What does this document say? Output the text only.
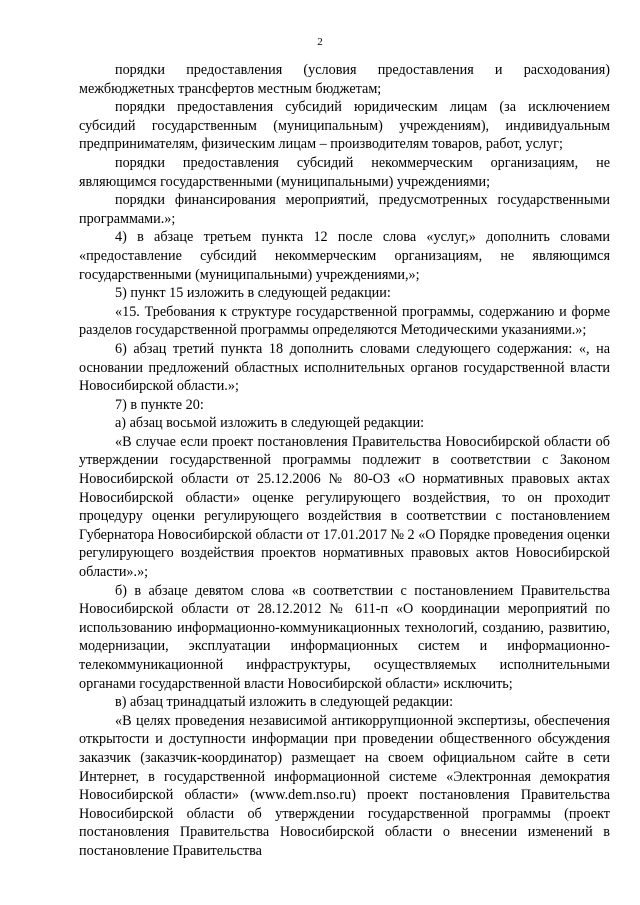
2

порядки предоставления (условия предоставления и расходования) межбюджетных трансфертов местным бюджетам;

порядки предоставления субсидий юридическим лицам (за исключением субсидий государственным (муниципальным) учреждениям), индивидуальным предпринимателям, физическим лицам – производителям товаров, работ, услуг;

порядки предоставления субсидий некоммерческим организациям, не являющимся государственными (муниципальными) учреждениями;

порядки финансирования мероприятий, предусмотренных государственными программами.»;

4) в абзаце третьем пункта 12 после слова «услуг,» дополнить словами «предоставление субсидий некоммерческим организациям, не являющимся государственными (муниципальными) учреждениями,»;

5) пункт 15 изложить в следующей редакции:

«15. Требования к структуре государственной программы, содержанию и форме разделов государственной программы определяются Методическими указаниями.»;

6) абзац третий пункта 18 дополнить словами следующего содержания: «, на основании предложений областных исполнительных органов государственной власти Новосибирской области.»;

7) в пункте 20:

а) абзац восьмой изложить в следующей редакции:

«В случае если проект постановления Правительства Новосибирской области об утверждении государственной программы подлежит в соответствии с Законом Новосибирской области от 25.12.2006 № 80-ОЗ «О нормативных правовых актах Новосибирской области» оценке регулирующего воздействия, то он проходит процедуру оценки регулирующего воздействия в соответствии с постановлением Губернатора Новосибирской области от 17.01.2017 № 2 «О Порядке проведения оценки регулирующего воздействия проектов нормативных правовых актов Новосибирской области».»;

б) в абзаце девятом слова «в соответствии с постановлением Правительства Новосибирской области от 28.12.2012 № 611-п «О координации мероприятий по использованию информационно-коммуникационных технологий, созданию, развитию, модернизации, эксплуатации информационных систем и информационно-телекоммуникационной инфраструктуры, осуществляемых исполнительными органами государственной власти Новосибирской области» исключить;

в) абзац тринадцатый изложить в следующей редакции:

«В целях проведения независимой антикоррупционной экспертизы, обеспечения открытости и доступности информации при проведении общественного обсуждения заказчик (заказчик-координатор) размещает на своем официальном сайте в сети Интернет, в государственной информационной системе «Электронная демократия Новосибирской области» (www.dem.nso.ru) проект постановления Правительства Новосибирской области об утверждении государственной программы (проект постановления Правительства Новосибирской области о внесении изменений в постановление Правительства
